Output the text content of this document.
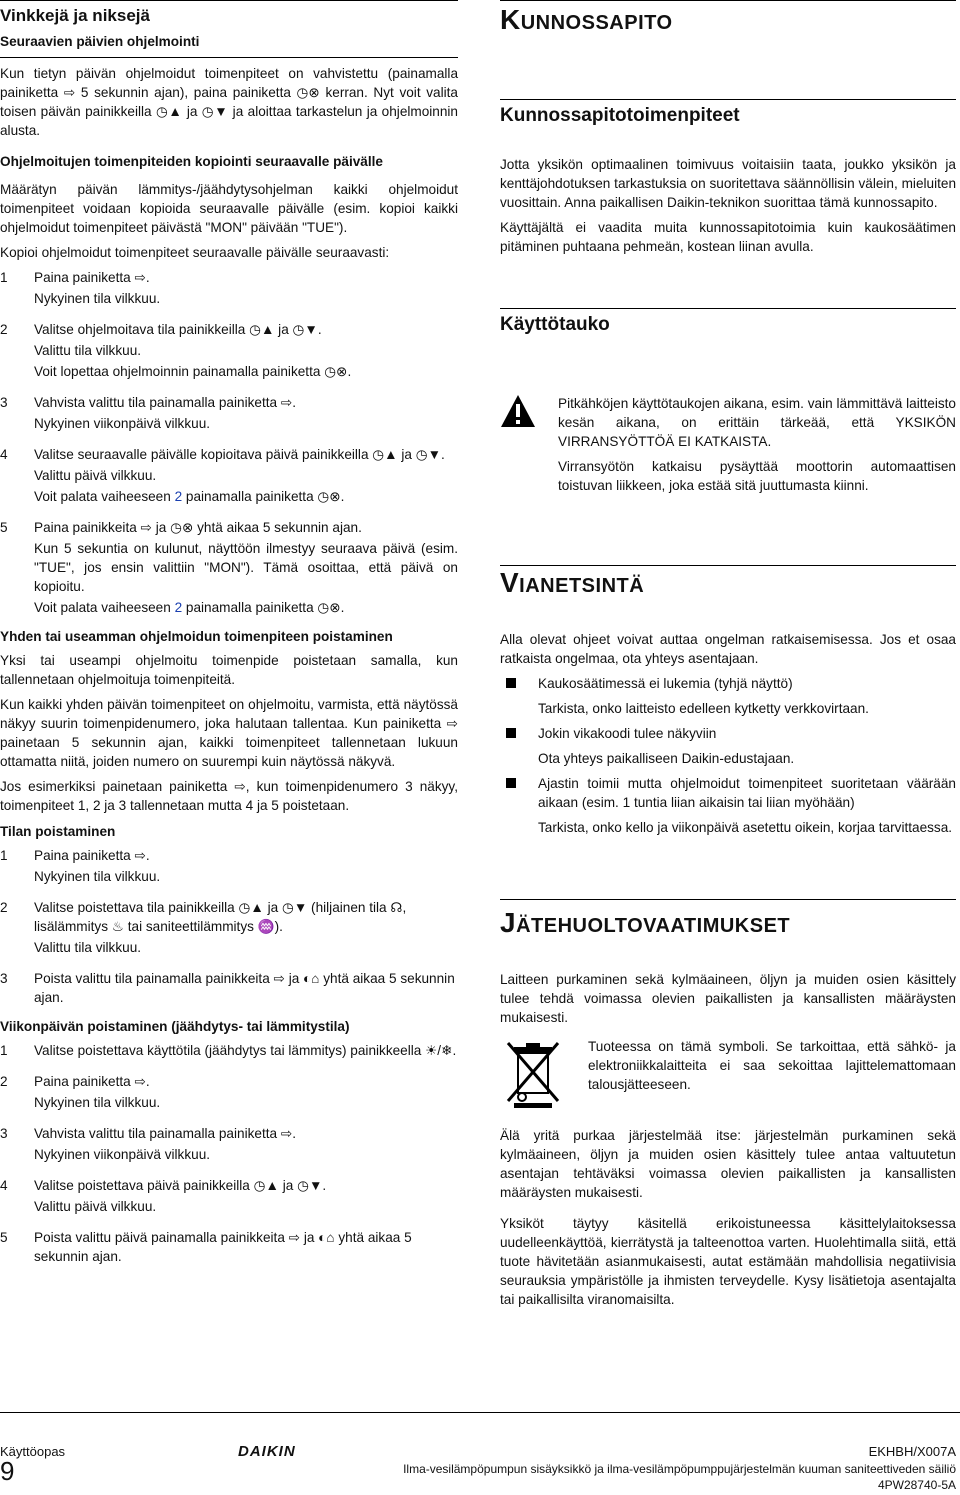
Vinkkejä ja niksejä
Seuraavien päivien ohjelmointi

Kun tietyn päivän ohjelmoidut toimenpiteet on vahvistettu (painamalla painiketta ⇨ 5 sekunnin ajan), paina painiketta ◷⊗ kerran. Nyt voit valita toisen päivän painikkeilla ◷▲ ja ◷▼ ja aloittaa tarkastelun ja ohjelmoinnin alusta.

Ohjelmoitujen toimenpiteiden kopiointi seuraavalle päivälle

Määrätyn päivän lämmitys-/jäähdytysohjelman kaikki ohjelmoidut toimenpiteet voidaan kopioida seuraavalle päivälle (esim. kopioi kaikki ohjelmoidut toimenpiteet päivästä "MON" päivään "TUE").

Kopioi ohjelmoidut toimenpiteet seuraavalle päivälle seuraavasti:

1	Paina painiketta ⇨.
Nykyinen tila vilkkuu.
2	Valitse ohjelmoitava tila painikkeilla ◷▲ ja ◷▼.
Valittu tila vilkkuu.
Voit lopettaa ohjelmoinnin painamalla painiketta ◷⊗.
3	Vahvista valittu tila painamalla painiketta ⇨.
Nykyinen viikonpäivä vilkkuu.
4	Valitse seuraavalle päivälle kopioitava päivä painikkeilla ◷▲ ja ◷▼.
Valittu päivä vilkkuu.
Voit palata vaiheeseen 2 painamalla painiketta ◷⊗.
5	Paina painikkeita ⇨ ja ◷⊗ yhtä aikaa 5 sekunnin ajan.
Kun 5 sekuntia on kulunut, näyttöön ilmestyy seuraava päivä (esim. "TUE", jos ensin valittiin "MON"). Tämä osoittaa, että päivä on kopioitu.
Voit palata vaiheeseen 2 painamalla painiketta ◷⊗.
Yhden tai useamman ohjelmoidun toimenpiteen poistaminen

Yksi tai useampi ohjelmoitu toimenpide poistetaan samalla, kun tallennetaan ohjelmoituja toimenpiteitä.

Kun kaikki yhden päivän toimenpiteet on ohjelmoitu, varmista, että näytössä näkyy suurin toimenpidenumero, joka halutaan tallentaa. Kun painiketta ⇨ painetaan 5 sekunnin ajan, kaikki toimenpiteet tallennetaan lukuun ottamatta niitä, joiden numero on suurempi kuin näytössä näkyvä.

Jos esimerkiksi painetaan painiketta ⇨, kun toimenpidenumero 3 näkyy, toimenpiteet 1, 2 ja 3 tallennetaan mutta 4 ja 5 poistetaan.

Tilan poistaminen
1	Paina painiketta ⇨.
Nykyinen tila vilkkuu.
2	Valitse poistettava tila painikkeilla ◷▲ ja ◷▼ (hiljainen tila ☊, lisälämmitys ♨ tai saniteettilämmitys ♒).
Valittu tila vilkkuu.
3	Poista valittu tila painamalla painikkeita ⇨ ja ◐⌂ yhtä aikaa 5 sekunnin ajan.
Viikonpäivän poistaminen (jäähdytys- tai lämmitystila)
1	Valitse poistettava käyttötila (jäähdytys tai lämmitys) painikkeella ☀/❄.
2	Paina painiketta ⇨.
Nykyinen tila vilkkuu.
3	Vahvista valittu tila painamalla painiketta ⇨.
Nykyinen viikonpäivä vilkkuu.
4	Valitse poistettava päivä painikkeilla ◷▲ ja ◷▼.
Valittu päivä vilkkuu.
5	Poista valittu päivä painamalla painikkeita ⇨ ja ◐⌂ yhtä aikaa 5 sekunnin ajan.
Kunnossapito
Kunnossapitotoimenpiteet

Jotta yksikön optimaalinen toimivuus voitaisiin taata, joukko yksikön ja kenttäjohdotuksen tarkastuksia on suoritettava säännöllisin välein, mieluiten vuosittain. Anna paikallisen Daikin-teknikon suorittaa tämä kunnossapito.

Käyttäjältä ei vaadita muita kunnossapitotoimia kuin kaukosäätimen pitäminen puhtaana pehmeän, kostean liinan avulla.

Käyttötauko

Pitkähköjen käyttötaukojen aikana, esim. vain lämmittävä laitteisto kesän aikana, on erittäin tärkeää, että YKSIKÖN VIRRANSYÖTTÖÄ EI KATKAISTA.

Virransyötön katkaisu pysäyttää moottorin automaattisen toistuvan liikkeen, joka estää sitä juuttumasta kiinni.

Vianetsintä

Alla olevat ohjeet voivat auttaa ongelman ratkaisemisessa. Jos et osaa ratkaista ongelmaa, ota yhteys asentajaan.

Kaukosäätimessä ei lukemia (tyhjä näyttö)
Tarkista, onko laitteisto edelleen kytketty verkkovirtaan.
Jokin vikakoodi tulee näkyviin
Ota yhteys paikalliseen Daikin-edustajaan.
Ajastin toimii mutta ohjelmoidut toimenpiteet suoritetaan väärään aikaan (esim. 1 tuntia liian aikaisin tai liian myöhään)
Tarkista, onko kello ja viikonpäivä asetettu oikein, korjaa tarvittaessa.
Jätehuoltovaatimukset

Laitteen purkaminen sekä kylmäaineen, öljyn ja muiden osien käsittely tulee tehdä voimassa olevien paikallisten ja kansallisten määräysten mukaisesti.

Tuoteessa on tämä symboli. Se tarkoittaa, että sähkö- ja elektroniikkalaitteita ei saa sekoittaa lajittelemattomaan talousjätteeseen.

Älä yritä purkaa järjestelmää itse: järjestelmän purkaminen sekä kylmäaineen, öljyn ja muiden osien käsittely tulee antaa valtuutetun asentajan tehtäväksi voimassa olevien paikallisten ja kansallisten määräysten mukaisesti.

Yksiköt täytyy käsitellä erikoistuneessa käsittelylaitoksessa uudelleenkäyttöä, kierrätystä ja talteenottoa varten. Huolehtimalla siitä, että tuote hävitetään asianmukaisesti, autat estämään mahdollisia negatiivisia seurauksia ympäristölle ja ihmisten terveydelle. Kysy lisätietoja asentajalta tai paikallisilta viranomaisilta.

Käyttöopas
9
DAIKIN	EKHBH/X007A
Ilma-vesilämpöpumpun sisäyksikkö ja ilma-vesilämpöpumppujärjestelmän kuuman saniteettiveden säiliö
4PW28740-5A
